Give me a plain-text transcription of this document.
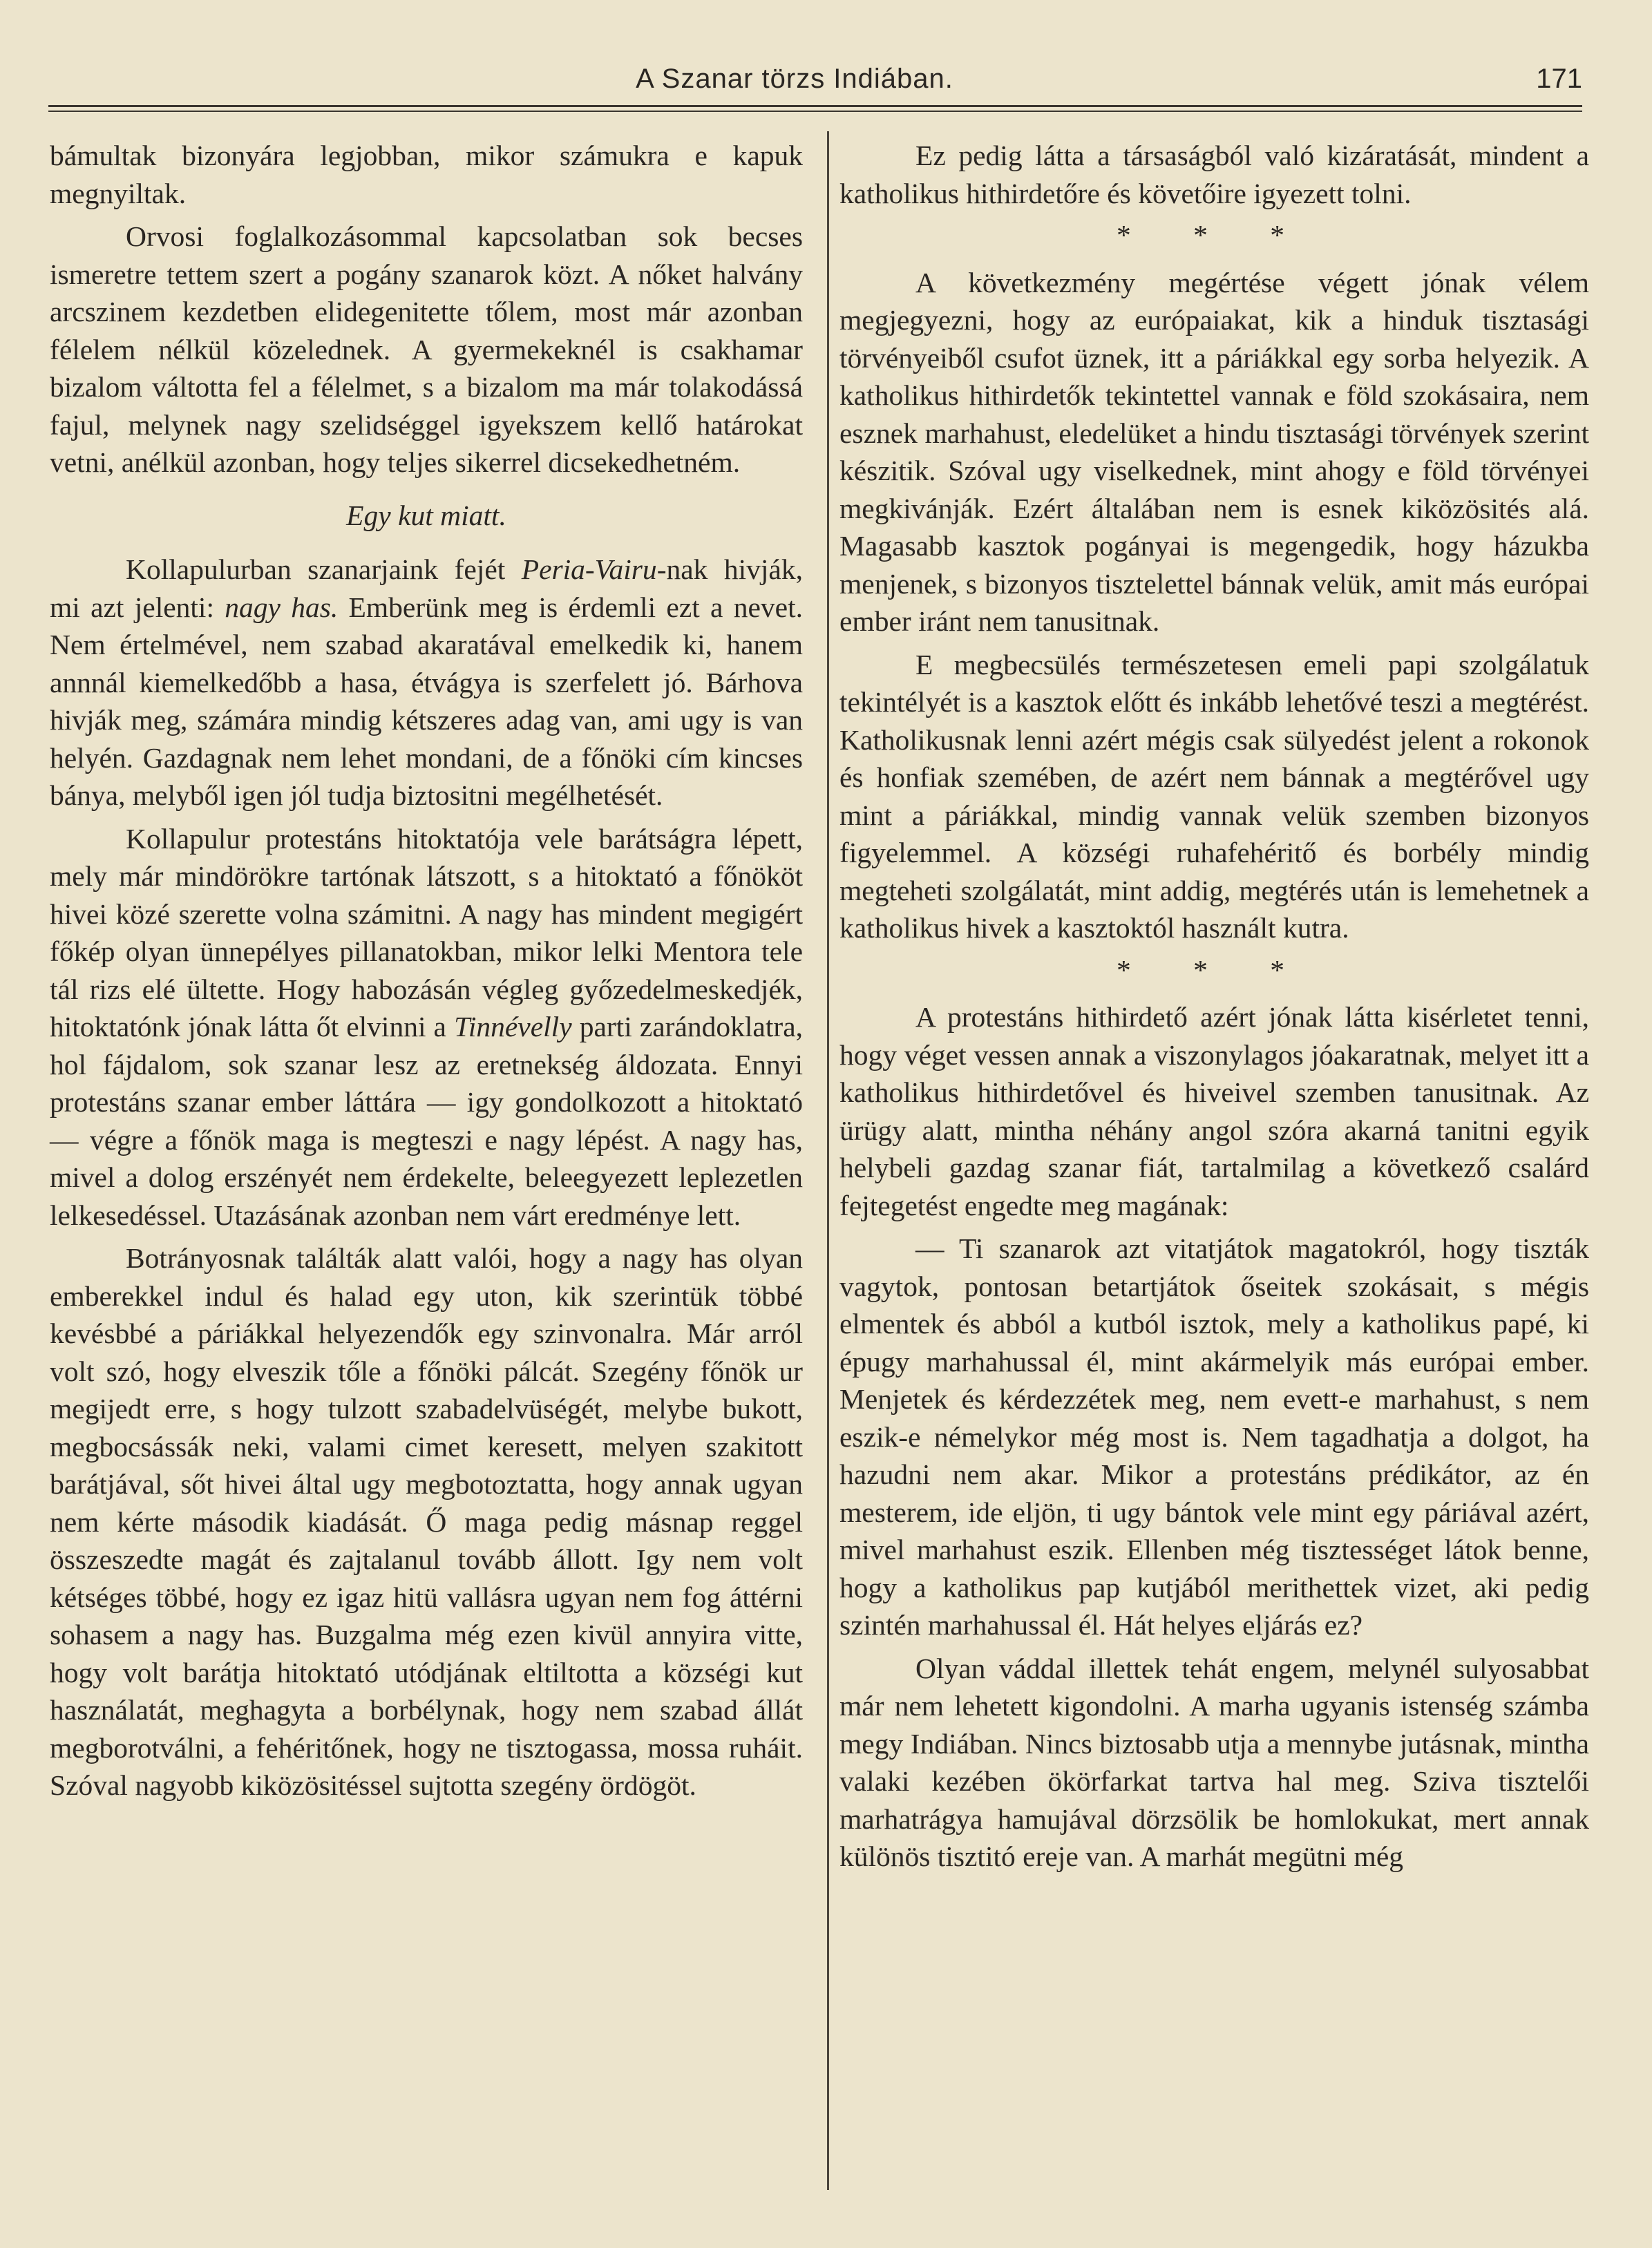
A Szanar törzs Indiában.	171

bámultak bizonyára legjobban, mikor számukra e kapuk megnyiltak.

Orvosi foglalkozásommal kapcsolatban sok becses ismeretre tettem szert a pogány szanarok közt. A nőket halvány arcszinem kezdetben elidegenitette tőlem, most már azonban félelem nélkül közelednek. A gyermekeknél is csakhamar bizalom váltotta fel a félelmet, s a bizalom ma már tolakodássá fajul, melynek nagy szelidséggel igyekszem kellő határokat vetni, anélkül azonban, hogy teljes sikerrel dicsekedhetném.

Egy kut miatt.

Kollapulurban szanarjaink fejét Peria-Vairu-nak hivják, mi azt jelenti: nagy has. Emberünk meg is érdemli ezt a nevet. Nem értelmével, nem szabad akaratával emelkedik ki, hanem annnál kiemelkedőbb a hasa, étvágya is szerfelett jó. Bárhova hivják meg, számára mindig kétszeres adag van, ami ugy is van helyén. Gazdagnak nem lehet mondani, de a főnöki cím kincses bánya, melyből igen jól tudja biztositni megélhetését.

Kollapulur protestáns hitoktatója vele barátságra lépett, mely már mindörökre tartónak látszott, s a hitoktató a főnököt hivei közé szerette volna számitni. A nagy has mindent megigért főkép olyan ünnepélyes pillanatokban, mikor lelki Mentora tele tál rizs elé ültette. Hogy habozásán végleg győzedelmeskedjék, hitoktatónk jónak látta őt elvinni a Tinnévelly parti zarándoklatra, hol fájdalom, sok szanar lesz az eretnekség áldozata. Ennyi protestáns szanar ember láttára — igy gondolkozott a hitoktató — végre a főnök maga is megteszi e nagy lépést. A nagy has, mivel a dolog erszényét nem érdekelte, beleegyezett leplezetlen lelkesedéssel. Utazásának azonban nem várt eredménye lett.

Botrányosnak találták alatt valói, hogy a nagy has olyan emberekkel indul és halad egy uton, kik szerintük többé kevésbbé a páriákkal helyezendők egy szinvonalra. Már arról volt szó, hogy elveszik tőle a főnöki pálcát. Szegény főnök ur megijedt erre, s hogy tulzott szabadelvüségét, melybe bukott, megbocsássák neki, valami cimet keresett, melyen szakitott barátjával, sőt hivei által ugy megbotoztatta, hogy annak ugyan nem kérte második kiadását. Ő maga pedig másnap reggel összeszedte magát és zajtalanul tovább állott. Igy nem volt kétséges többé, hogy ez igaz hitü vallásra ugyan nem fog áttérni sohasem a nagy has. Buzgalma még ezen kivül annyira vitte, hogy volt barátja hitoktató utódjának eltiltotta a községi kut használatát, meghagyta a borbélynak, hogy nem szabad állát megborotválni, a fehéritőnek, hogy ne tisztogassa, mossa ruháit. Szóval nagyobb kiközösitéssel sujtotta szegény ördögöt.

Ez pedig látta a társaságból való kizáratását, mindent a katholikus hithirdetőre és követőire igyezett tolni.

* * *

A következmény megértése végett jónak vélem megjegyezni, hogy az európaiakat, kik a hinduk tisztasági törvényeiből csufot üznek, itt a páriákkal egy sorba helyezik. A katholikus hithirdetők tekintettel vannak e föld szokásaira, nem esznek marhahust, eledelüket a hindu tisztasági törvények szerint készitik. Szóval ugy viselkednek, mint ahogy e föld törvényei megkivánják. Ezért általában nem is esnek kiközösités alá. Magasabb kasztok pogányai is megengedik, hogy házukba menjenek, s bizonyos tisztelettel bánnak velük, amit más európai ember iránt nem tanusitnak.

E megbecsülés természetesen emeli papi szolgálatuk tekintélyét is a kasztok előtt és inkább lehetővé teszi a megtérést. Katholikusnak lenni azért mégis csak sülyedést jelent a rokonok és honfiak szemében, de azért nem bánnak a megtérővel ugy mint a páriákkal, mindig vannak velük szemben bizonyos figyelemmel. A községi ruhafehéritő és borbély mindig megteheti szolgálatát, mint addig, megtérés után is lemehetnek a katholikus hivek a kasztoktól használt kutra.

* * *

A protestáns hithirdető azért jónak látta kisérletet tenni, hogy véget vessen annak a viszonylagos jóakaratnak, melyet itt a katholikus hithirdetővel és hiveivel szemben tanusitnak. Az ürügy alatt, mintha néhány angol szóra akarná tanitni egyik helybeli gazdag szanar fiát, tartalmilag a következő csalárd fejtegetést engedte meg magának:

— Ti szanarok azt vitatjátok magatokról, hogy tiszták vagytok, pontosan betartjátok őseitek szokásait, s mégis elmentek és abból a kutból isztok, mely a katholikus papé, ki épugy marhahussal él, mint akármelyik más európai ember. Menjetek és kérdezzétek meg, nem evett-e marhahust, s nem eszik-e némelykor még most is. Nem tagadhatja a dolgot, ha hazudni nem akar. Mikor a protestáns prédikátor, az én mesterem, ide eljön, ti ugy bántok vele mint egy páriával azért, mivel marhahust eszik. Ellenben még tisztességet látok benne, hogy a katholikus pap kutjából merithettek vizet, aki pedig szintén marhahussal él. Hát helyes eljárás ez?

Olyan váddal illettek tehát engem, melynél sulyosabbat már nem lehetett kigondolni. A marha ugyanis istenség számba megy Indiában. Nincs biztosabb utja a mennybe jutásnak, mintha valaki kezében ökörfarkat tartva hal meg. Sziva tisztelői marhatrágya hamujával dörzsölik be homlokukat, mert annak különös tisztitó ereje van. A marhát megütni még
